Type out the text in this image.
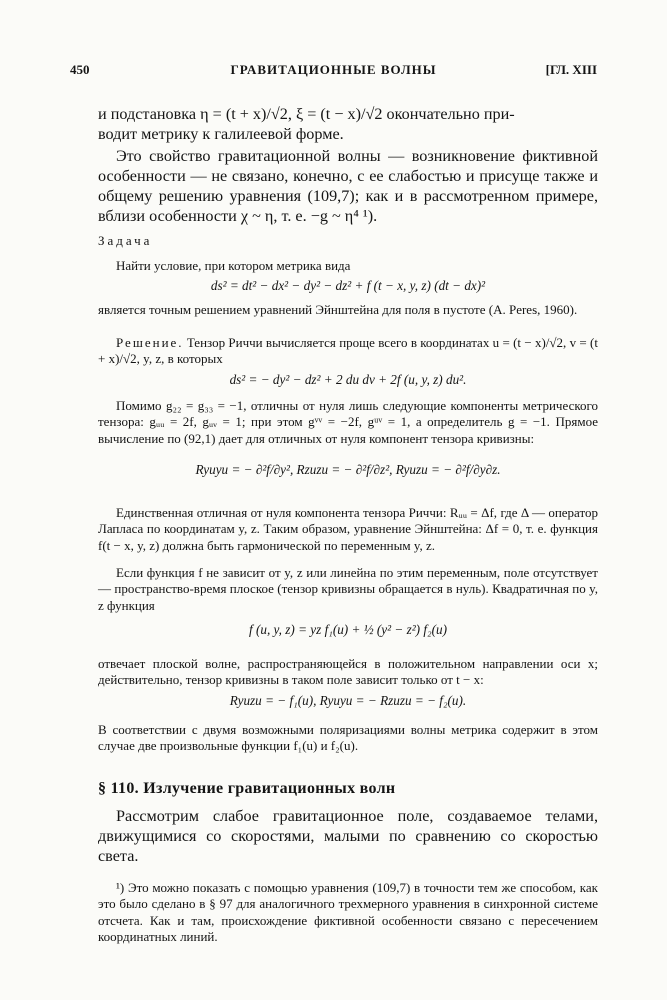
450	ГРАВИТАЦИОННЫЕ ВОЛНЫ	[ГЛ. XIII

и подстановка η = (t + x)/√2, ξ = (t − x)/√2 окончательно при-

водит метрику к галилеевой форме.

Это свойство гравитационной волны — возникновение фиктивной особенности — не связано, конечно, с ее слабостью и присуще также и общему решению уравнения (109,7); как и в рассмотренном примере, вблизи особенности χ ~ η, т. е. −g ~ η⁴ ¹).

Задача

Найти условие, при котором метрика вида

ds² = dt² − dx² − dy² − dz² + f (t − x, y, z) (dt − dx)²

является точным решением уравнений Эйнштейна для поля в пустоте (A. Peres, 1960).

Решение. Тензор Риччи вычисляется проще всего в координатах u = (t − x)/√2, v = (t + x)/√2, y, z, в которых

ds² = − dy² − dz² + 2 du dv + 2f (u, y, z) du².

Помимо g₂₂ = g₃₃ = −1, отличны от нуля лишь следующие компоненты метрического тензора: gᵤᵤ = 2f, gᵤᵥ = 1; при этом gᵛᵛ = −2f, gᵘᵛ = 1, а определитель g = −1. Прямое вычисление по (92,1) дает для отличных от нуля компонент тензора кривизны:

Ryuyu = − ∂²f/∂y², Rzuzu = − ∂²f/∂z², Ryuzu = − ∂²f/∂y∂z.

Единственная отличная от нуля компонента тензора Риччи: Rᵤᵤ = Δf, где Δ — оператор Лапласа по координатам y, z. Таким образом, уравнение Эйнштейна: Δf = 0, т. е. функция f(t − x, y, z) должна быть гармонической по переменным y, z.

Если функция f не зависит от y, z или линейна по этим переменным, поле отсутствует — пространство-время плоское (тензор кривизны обращается в нуль). Квадратичная по y, z функция

f (u, y, z) = yz f₁(u) + ½ (y² − z²) f₂(u)

отвечает плоской волне, распространяющейся в положительном направлении оси x; действительно, тензор кривизны в таком поле зависит только от t − x:

Ryuzu = − f₁(u), Ryuyu = − Rzuzu = − f₂(u).

В соответствии с двумя возможными поляризациями волны метрика содержит в этом случае две произвольные функции f₁(u) и f₂(u).

§ 110. Излучение гравитационных волн

Рассмотрим слабое гравитационное поле, создаваемое телами, движущимися со скоростями, малыми по сравнению со скоростью света.

¹) Это можно показать с помощью уравнения (109,7) в точности тем же способом, как это было сделано в § 97 для аналогичного трехмерного уравнения в синхронной системе отсчета. Как и там, происхождение фиктивной особенности связано с пересечением координатных линий.
